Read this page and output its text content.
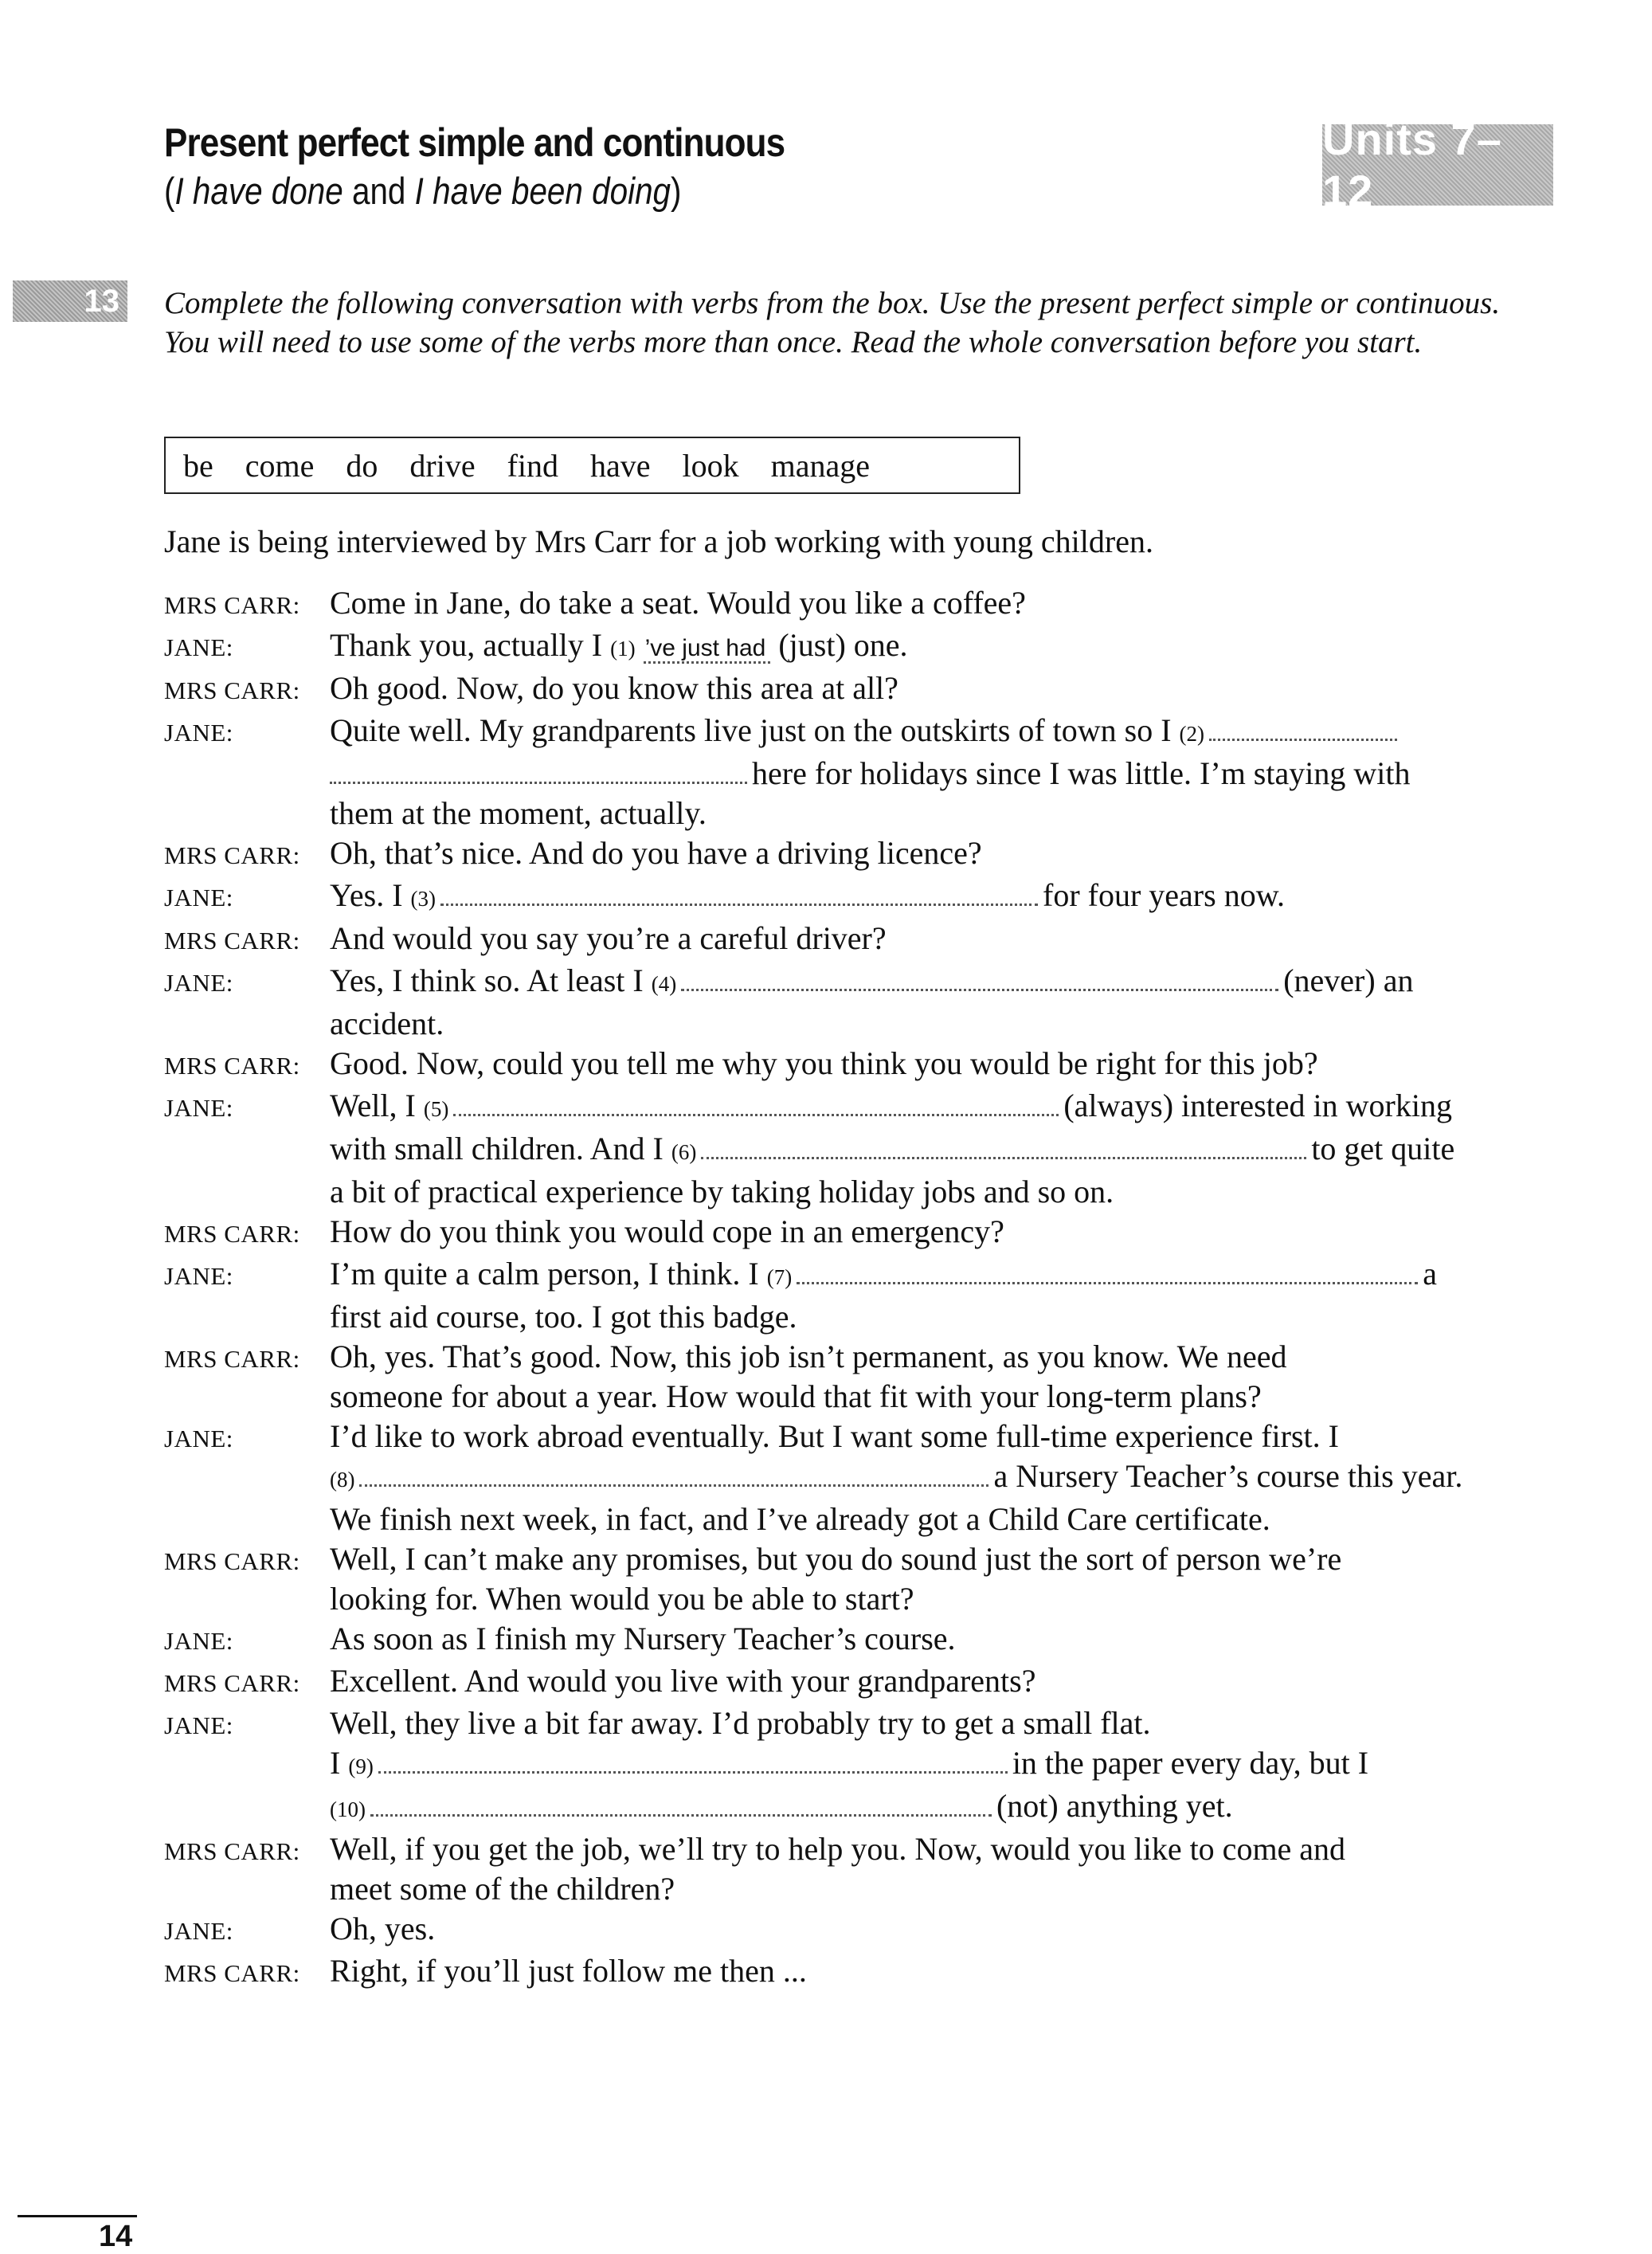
Present perfect simple and continuous
(I have done and I have been doing)
Units 7–12
13 Complete the following conversation with verbs from the box. Use the present perfect simple or continuous. You will need to use some of the verbs more than once. Read the whole conversation before you start.
be come do drive find have look manage
Jane is being interviewed by Mrs Carr for a job working with young children.
MRS CARR: Come in Jane, do take a seat. Would you like a coffee?
JANE:	Thank you, actually I (1) ’ve just had (just) one.
MRS CARR: Oh good. Now, do you know this area at all?
JANE:	Quite well. My grandparents live just on the outskirts of town so I (2)
here for holidays since I was little. I’m staying with
them at the moment, actually.
MRS CARR: Oh, that’s nice. And do you have a driving licence?
JANE:	Yes. I (3)	for four years now.
MRS CARR: And would you say you’re a careful driver?
JANE:	Yes, I think so. At least I (4)	(never) an
accident.
MRS CARR: Good. Now, could you tell me why you think you would be right for this job?
JANE:	Well, I (5)	(always) interested in working
with small children. And I (6)	to get quite
a bit of practical experience by taking holiday jobs and so on.
MRS CARR: How do you think you would cope in an emergency?
JANE:	I’m quite a calm person, I think. I (7)	a
first aid course, too. I got this badge.
MRS CARR: Oh, yes. That’s good. Now, this job isn’t permanent, as you know. We need
someone for about a year. How would that fit with your long-term plans?
JANE:	I’d like to work abroad eventually. But I want some full-time experience first. I
(8)	a Nursery Teacher’s course this year.
We finish next week, in fact, and I’ve already got a Child Care certificate.
MRS CARR: Well, I can’t make any promises, but you do sound just the sort of person we’re
looking for. When would you be able to start?
JANE:	As soon as I finish my Nursery Teacher’s course.
MRS CARR: Excellent. And would you live with your grandparents?
JANE:	Well, they live a bit far away. I’d probably try to get a small flat.
I (9)	in the paper every day, but I
(10)	(not) anything yet.
MRS CARR: Well, if you get the job, we’ll try to help you. Now, would you like to come and
meet some of the children?
JANE:	Oh, yes.
MRS CARR: Right, if you’ll just follow me then ...
14
